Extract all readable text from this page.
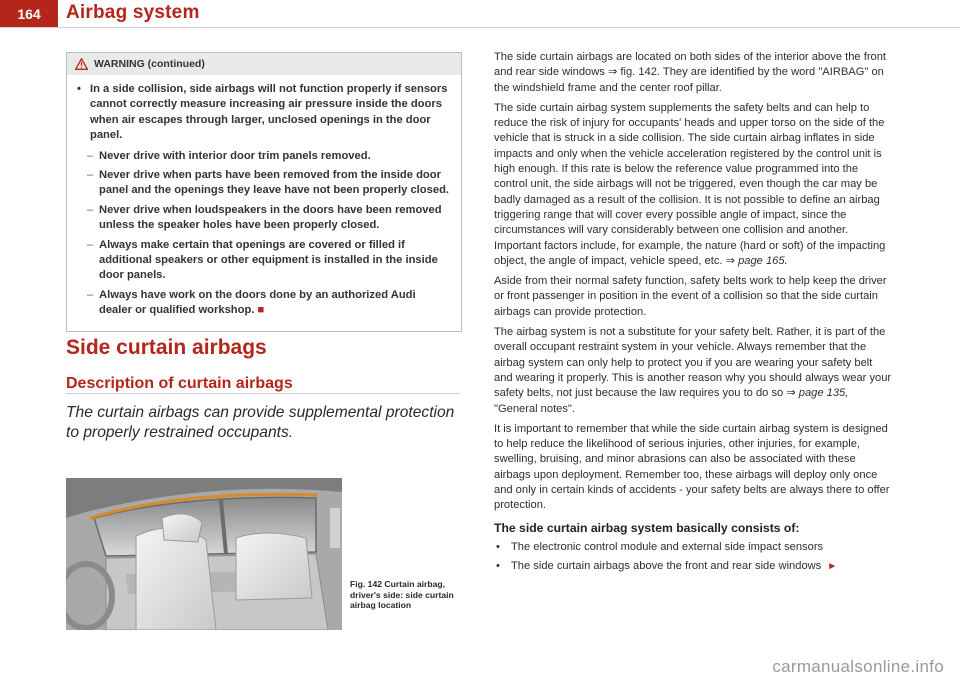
164	Airbag system
WARNING (continued)
• In a side collision, side airbags will not function properly if sensors cannot correctly measure increasing air pressure inside the doors when air escapes through larger, unclosed openings in the door panel.
– Never drive with interior door trim panels removed.
– Never drive when parts have been removed from the inside door panel and the openings they leave have not been properly closed.
– Never drive when loudspeakers in the doors have been removed unless the speaker holes have been properly closed.
– Always make certain that openings are covered or filled if additional speakers or other equipment is installed in the inside door panels.
– Always have work on the doors done by an authorized Audi dealer or qualified workshop. ■
Side curtain airbags
Description of curtain airbags
The curtain airbags can provide supplemental protection to properly restrained occupants.
Fig. 142 Curtain airbag, driver's side: side curtain airbag location

The side curtain airbags are located on both sides of the interior above the front and rear side windows ⇒ fig. 142. They are identified by the word "AIRBAG" on the windshield frame and the center roof pillar.

The side curtain airbag system supplements the safety belts and can help to reduce the risk of injury for occupants' heads and upper torso on the side of the vehicle that is struck in a side collision. The side curtain airbag inflates in side impacts and only when the vehicle acceleration registered by the control unit is high enough. If this rate is below the reference value programmed into the control unit, the side airbags will not be triggered, even though the car may be badly damaged as a result of the collision. It is not possible to define an airbag triggering range that will cover every possible angle of impact, since the circumstances will vary considerably between one collision and another. Important factors include, for example, the nature (hard or soft) of the impacting object, the angle of impact, vehicle speed, etc. ⇒ page 165.

Aside from their normal safety function, safety belts work to help keep the driver or front passenger in position in the event of a collision so that the side curtain airbags can provide protection.

The airbag system is not a substitute for your safety belt. Rather, it is part of the overall occupant restraint system in your vehicle. Always remember that the airbag system can only help to protect you if you are wearing your safety belt and wearing it properly. This is another reason why you should always wear your safety belts, not just because the law requires you to do so ⇒ page 135, "General notes".

It is important to remember that while the side curtain airbag system is designed to help reduce the likelihood of serious injuries, other injuries, for example, swelling, bruising, and minor abrasions can also be associated with these airbags upon deployment. Remember too, these airbags will deploy only once and only in certain kinds of accidents - your safety belts are always there to offer protection.

The side curtain airbag system basically consists of:
• The electronic control module and external side impact sensors
• The side curtain airbags above the front and rear side windows ►
carmanualsonline.info
